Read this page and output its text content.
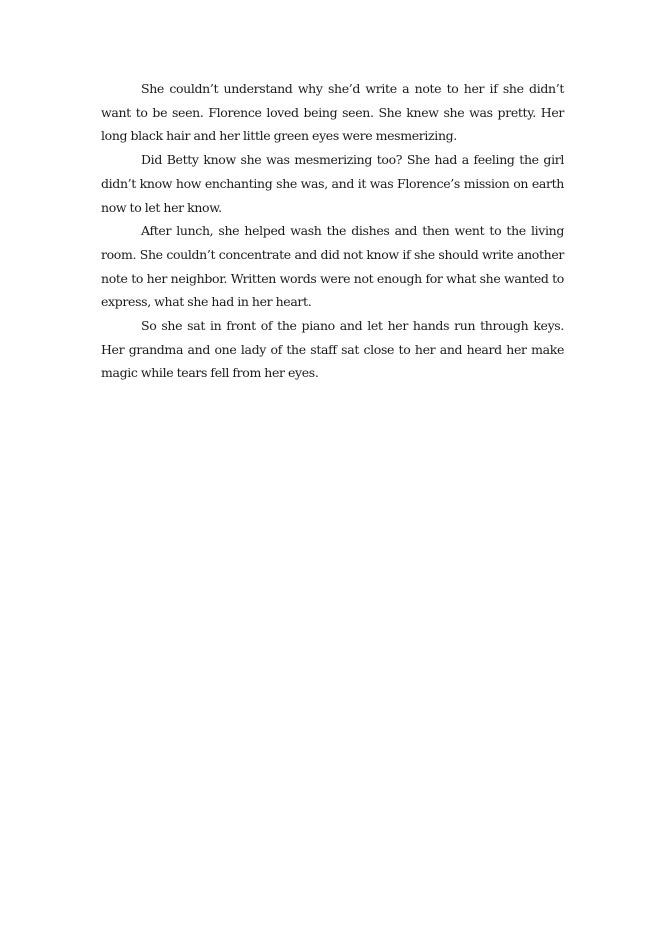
She couldn’t understand why she’d write a note to her if she didn’t want to be seen. Florence loved being seen. She knew she was pretty. Her long black hair and her little green eyes were mesmerizing.

Did Betty know she was mesmerizing too? She had a feeling the girl didn’t know how enchanting she was, and it was Florence’s mission on earth now to let her know.

After lunch, she helped wash the dishes and then went to the living room. She couldn’t concentrate and did not know if she should write another note to her neighbor. Written words were not enough for what she wanted to express, what she had in her heart.

So she sat in front of the piano and let her hands run through keys. Her grandma and one lady of the staff sat close to her and heard her make magic while tears fell from her eyes.
